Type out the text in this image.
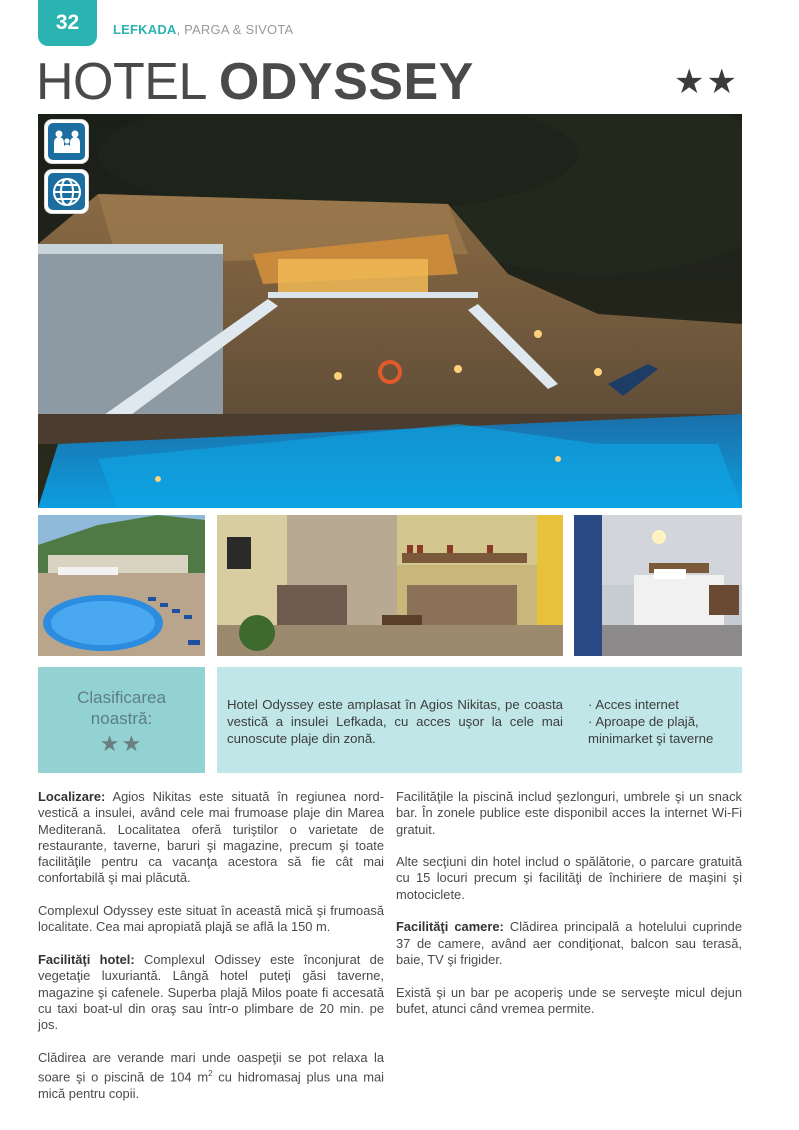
32	LEFKADA, PARGA & SIVOTA
HOTEL ODYSSEY	★★
Clasificarea
noastră:
★★
Hotel Odyssey este amplasat în Agios Nikitas, pe coasta vestică a insulei Lefkada, cu acces uşor la cele mai cunoscute plaje din zonă.
· Acces internet
· Aproape de plajă, minimarket şi taverne

Localizare: Agios Nikitas este situată în regiunea nord-vestică a insulei, având cele mai frumoase plaje din Marea Mediterană. Localitatea oferă turiştilor o varietate de restaurante, taverne, baruri şi magazine, precum şi toate facilităţile pentru ca vacanţa acestora să fie cât mai confortabilă şi mai plăcută.

Complexul Odyssey este situat în această mică şi frumoasă localitate. Cea mai apropiată plajă se află la 150 m.

Facilităţi hotel: Complexul Odissey este înconjurat de vegetaţie luxuriantă. Lângă hotel puteţi găsi taverne, magazine şi cafenele. Superba plajă Milos poate fi accesată cu taxi boat-ul din oraş sau într-o plimbare de 20 min. pe jos.

Clădirea are verande mari unde oaspeţii se pot relaxa la soare şi o piscină de 104 $m^2$ cu hidromasaj plus una mai mică pentru copii.

Facilităţile la piscină includ şezlonguri, umbrele şi un snack bar. În zonele publice este disponibil acces la internet Wi-Fi gratuit.

Alte secţiuni din hotel includ o spălătorie, o parcare gratuită cu 15 locuri precum şi facilităţi de închiriere de maşini şi motociclete.

Facilităţi camere: Clădirea principală a hotelului cuprinde 37 de camere, având aer condiţionat, balcon sau terasă, baie, TV şi frigider.

Există şi un bar pe acoperiş unde se serveşte micul dejun bufet, atunci când vremea permite.
